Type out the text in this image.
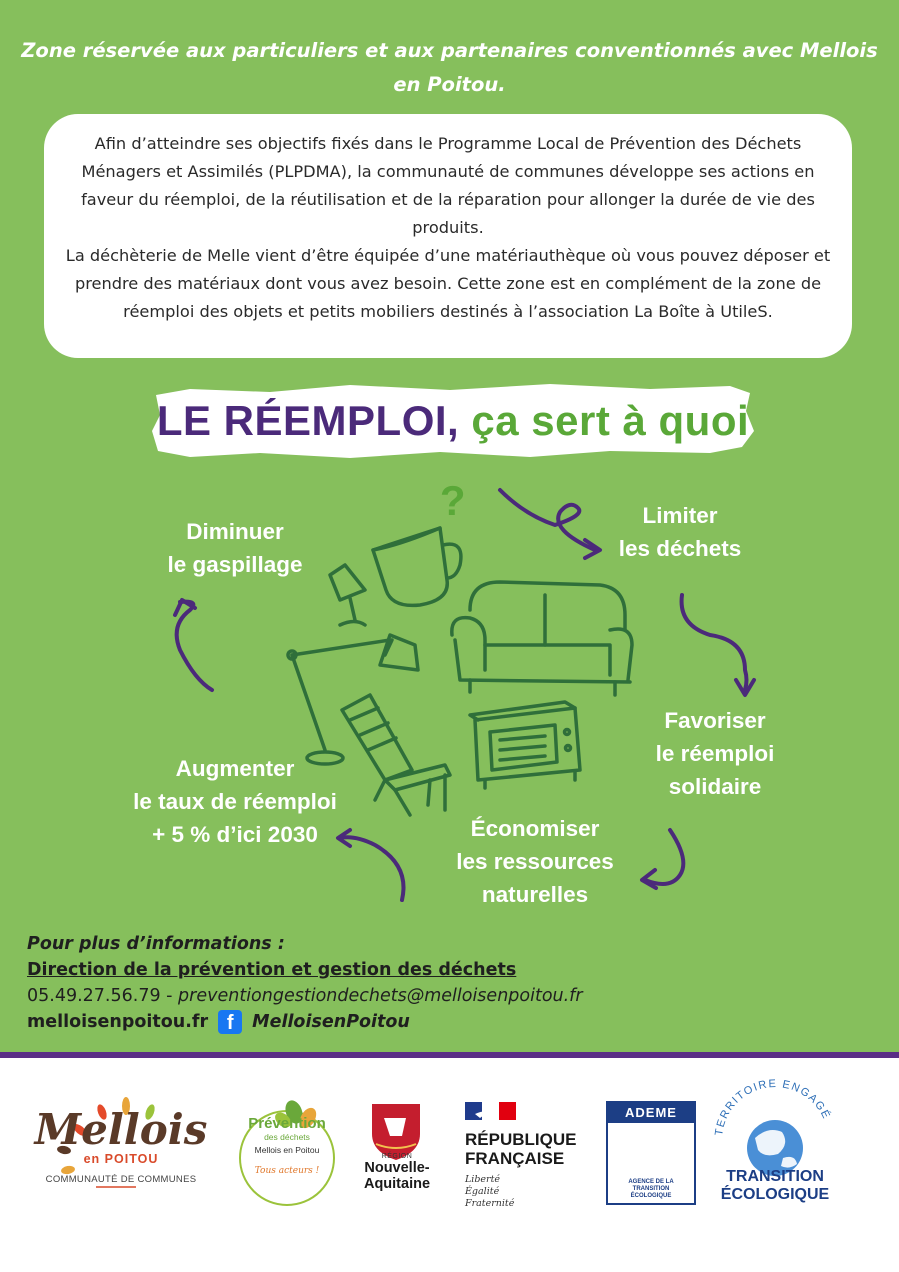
Zone réservée aux particuliers et aux partenaires conventionnés avec Mellois
en Poitou.

Afin d’atteindre ses objectifs fixés dans le Programme Local de Prévention des Déchets Ménagers et Assimilés (PLPDMA), la communauté de communes développe ses actions en faveur du réemploi, de la réutilisation et de la réparation pour allonger la durée de vie des produits.

La déchèterie de Melle vient d’être équipée d’une matériauthèque où vous pouvez déposer et prendre des matériaux dont vous avez besoin. Cette zone est en complément de la zone de réemploi des objets et petits mobiliers destinés à l’association La Boîte à UtileS.

LE RÉEMPLOI, ça sert à quoi ?
Diminuer
le gaspillage
Limiter
les déchets
Favoriser
le réemploi
solidaire
Économiser
les ressources
naturelles
Augmenter
le taux de réemploi
+ 5 % d’ici 2030
Pour plus d’informations :
Direction de la prévention et gestion des déchets
05.49.27.56.79 - preventiongestiondechets@melloisenpoitou.fr
melloisenpoitou.fr f	MelloisenPoitou
TERRITOIRE ENGAGÉ
Mellois
en POITOU
COMMUNAUTÉ DE COMMUNES
Prévention
des déchets
Mellois en Poitou
Tous acteurs !
RÉGION
Nouvelle-
Aquitaine
RÉPUBLIQUE
FRANÇAISE
Liberté
Égalité
Fraternité
ADEME
AGENCE DE LA
TRANSITION
ÉCOLOGIQUE
TRANSITION
ÉCOLOGIQUE
